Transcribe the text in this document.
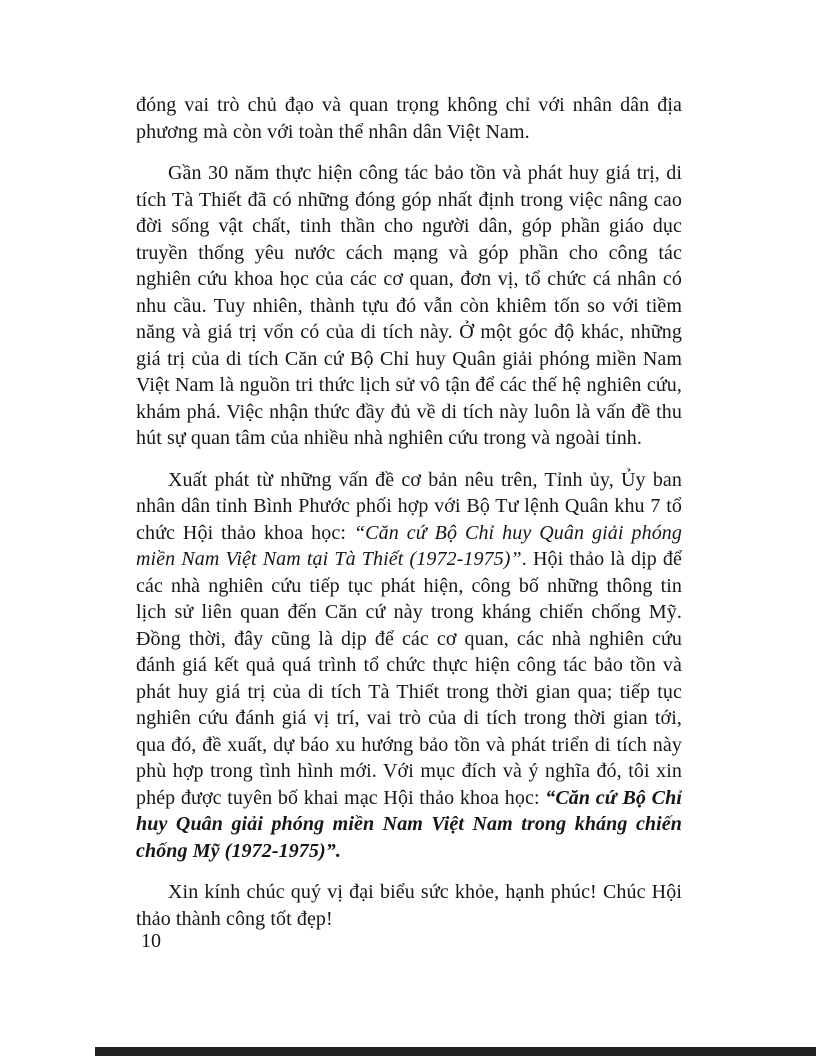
đóng vai trò chủ đạo và quan trọng không chỉ với nhân dân địa phương mà còn với toàn thể nhân dân Việt Nam.

Gần 30 năm thực hiện công tác bảo tồn và phát huy giá trị, di tích Tà Thiết đã có những đóng góp nhất định trong việc nâng cao đời sống vật chất, tinh thần cho người dân, góp phần giáo dục truyền thống yêu nước cách mạng và góp phần cho công tác nghiên cứu khoa học của các cơ quan, đơn vị, tổ chức cá nhân có nhu cầu. Tuy nhiên, thành tựu đó vẫn còn khiêm tốn so với tiềm năng và giá trị vốn có của di tích này. Ở một góc độ khác, những giá trị của di tích Căn cứ Bộ Chỉ huy Quân giải phóng miền Nam Việt Nam là nguồn tri thức lịch sử vô tận để các thế hệ nghiên cứu, khám phá. Việc nhận thức đầy đủ về di tích này luôn là vấn đề thu hút sự quan tâm của nhiều nhà nghiên cứu trong và ngoài tỉnh.

Xuất phát từ những vấn đề cơ bản nêu trên, Tỉnh ủy, Ủy ban nhân dân tỉnh Bình Phước phối hợp với Bộ Tư lệnh Quân khu 7 tổ chức Hội thảo khoa học: “Căn cứ Bộ Chỉ huy Quân giải phóng miền Nam Việt Nam tại Tà Thiết (1972-1975)”. Hội thảo là dịp để các nhà nghiên cứu tiếp tục phát hiện, công bố những thông tin lịch sử liên quan đến Căn cứ này trong kháng chiến chống Mỹ. Đồng thời, đây cũng là dịp để các cơ quan, các nhà nghiên cứu đánh giá kết quả quá trình tổ chức thực hiện công tác bảo tồn và phát huy giá trị của di tích Tà Thiết trong thời gian qua; tiếp tục nghiên cứu đánh giá vị trí, vai trò của di tích trong thời gian tới, qua đó, đề xuất, dự báo xu hướng bảo tồn và phát triển di tích này phù hợp trong tình hình mới. Với mục đích và ý nghĩa đó, tôi xin phép được tuyên bố khai mạc Hội thảo khoa học: “Căn cứ Bộ Chỉ huy Quân giải phóng miền Nam Việt Nam trong kháng chiến chống Mỹ (1972-1975)”.

Xin kính chúc quý vị đại biểu sức khỏe, hạnh phúc! Chúc Hội thảo thành công tốt đẹp!

10
